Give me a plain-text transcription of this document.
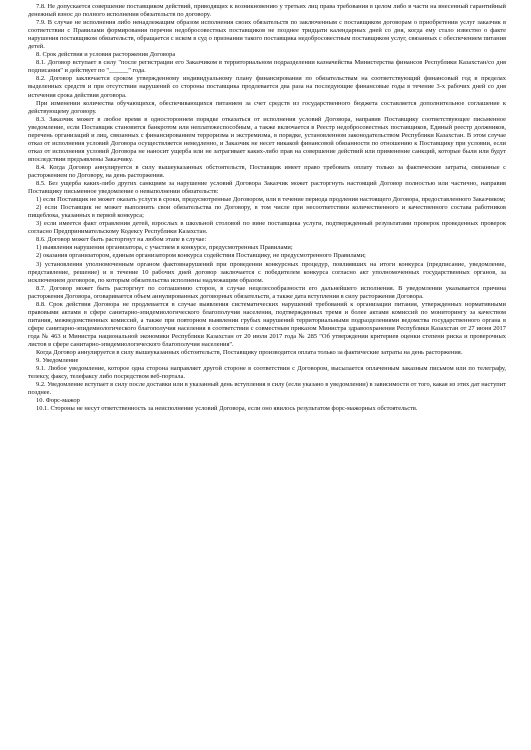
7.8. Не допускается совершение поставщиком действий, приводящих к возникновению у третьих лиц права требования в целом либо в части на внесенный гарантийный денежный взнос до полного исполнения обязательств по договору.

7.9. В случае не исполнения либо ненадлежащим образом исполнения своих обязательств по заключенным с поставщиком договорам о приобретении услуг заказчик в соответствии с Правилами формирования перечня недобросовестных поставщиков не позднее тридцати календарных дней со дня, когда ему стало известно о факте нарушения поставщиком обязательств, обращается с иском в суд о признании такого поставщика недобросовестным поставщиком услуг, связанных с обеспечением питания детей.

8. Срок действия и условия расторжения Договора

8.1. Договор вступает в силу "после регистрации его Заказчиком в территориальном подразделении казначейства Министерства финансов Республики Казахстан/со дня подписания" и действует по "______" года.

8.2. Договор заключается сроком утвержденному индивидуальному плану финансирования по обязательствам на соответствующий финансовый год в пределах выделенных средств и при отсутствии нарушений со стороны поставщика продлевается два раза на последующие финансовые годы в течение 3-х рабочих дней со дня истечения срока действия договора.

При изменении количества обучающихся, обеспечивающихся питанием за счет средств из государственного бюджета составляется дополнительное соглашение к действующему договору.

8.3. Заказчик может в любое время в одностороннем порядке отказаться от исполнения условий Договора, направив Поставщику соответствующее письменное уведомление, если Поставщик становится банкротом или неплатежеспособным, а также включается в Реестр недобросовестных поставщиков, Единый реестр должников, перечень организаций и лиц, связанных с финансированием терроризма и экстремизма, в порядке, установленном законодательством Республики Казахстан. В этом случае отказ от исполнения условий Договора осуществляется немедленно, и Заказчик не несет никакой финансовой обязанности по отношению к Поставщику при условии, если отказ от исполнения условий Договора не наносит ущерба или не затрагивает каких-либо прав на совершение действий или применение санкций, которые были или будут впоследствии предъявлены Заказчику.

8.4. Когда Договор аннулируется в силу вышеуказанных обстоятельств, Поставщик имеет право требовать оплату только за фактические затраты, связанные с расторжением по Договору, на день расторжения.

8.5. Без ущерба каких-либо других санкциям за нарушение условий Договора Заказчик может расторгнуть настоящий Договор полностью или частично, направив Поставщику письменное уведомление о невыполнении обязательств:

1) если Поставщик не может оказать услуги в сроки, предусмотренные Договором, или в течение периода продления настоящего Договора, предоставленного Заказчиком;

2) если Поставщик не может выполнить свои обязательства по Договору, в том числе при несоответствии количественного и качественного состава работников пищеблока, указанных в первой конкурса;

3) если имеется факт отравления детей, взрослых в школьной столовой по вине поставщика услуги, подтвержденный результатами проверок проведенных проверок согласно Предпринимательскому Кодексу Республики Казахстан.

8.6. Договор может быть расторгнут на любом этапе в случае:

1) выявления нарушения организатора, с участием в конкурсе, предусмотренных Правилами;

2) оказания организатором, единым организатором конкурса содействия Поставщику, не предусмотренного Правилами;

3) установления уполномоченным органом фактовнарушений при проведении конкурсных процедур, повлиявших на итоги конкурса (предписание, уведомление, представление, решение) и в течение 10 рабочих дней договор заключается с победителем конкурса согласно акт уполномоченных государственных органов, за исключением договоров, по которым обязательства исполнены надлежащим образом.

8.7. Договор может быть расторгнут по соглашению сторон, в случае нецелесообразности его дальнейшего исполнения. В уведомлении указывается причина расторжения Договора, оговаривается объем аннулированных договорных обязательств, а также дата вступления в силу расторжения Договора.

8.8. Срок действия Договора не продлевается в случае выявления систематических нарушений требований к организации питания, утвержденных нормативными правовыми актами в сфере санитарно-эпидемиологического благополучия населения, подтвержденных тремя и более актами комиссий по мониторингу за качеством питания, межведомственных комиссий, а также при повторном выявлении грубых нарушений территориальными подразделениями ведомства государственного органа в сфере санитарно-эпидемиологического благополучия населения в соответствии с совместным приказом Министра здравоохранения Республики Казахстан от 27 июня 2017 года № 463 и Министра национальной экономики Республики Казахстан от 20 июля 2017 года № 285 "Об утверждении критериев оценки степени риска и проверочных листов в сфере санитарно-эпидемиологического благополучия населения".

Когда Договор аннулируется в силу вышеуказанных обстоятельств, Поставщику производится оплата только за фактические затраты на день расторжения.

9. Уведомление

9.1. Любое уведомление, которое одна сторона направляет другой стороне в соответствии с Договором, высылается оплаченным заказным письмом или по телеграфу, телексу, факсу, телефаксу либо посредством веб-портала.

9.2. Уведомление вступает в силу после доставки или в указанный день вступления в силу (если указано в уведомлении) в зависимости от того, какая из этих дат наступит позднее.

10. Форс-мажор

10.1. Стороны не несут ответственность за неисполнение условий Договора, если оно явилось результатом форс-мажорных обстоятельств.
